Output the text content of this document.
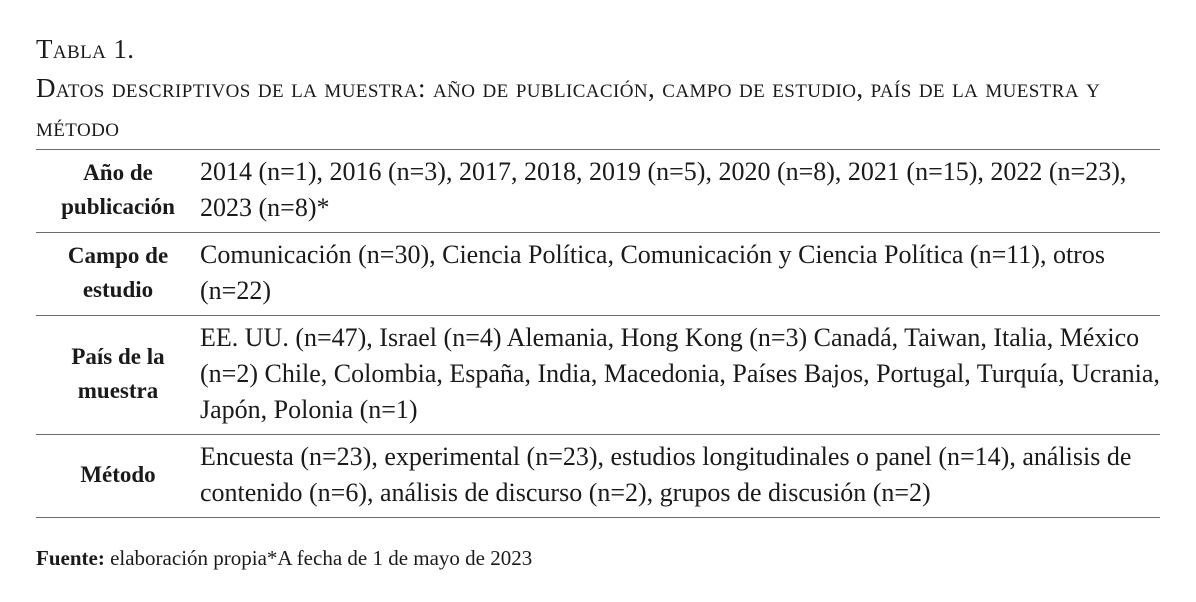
Tabla 1.
Datos descriptivos de la muestra: año de publicación, campo de estudio, país de la muestra y método
Año de publicación	2014 (n=1), 2016 (n=3), 2017, 2018, 2019 (n=5), 2020 (n=8), 2021 (n=15), 2022 (n=23), 2023 (n=8)*
Campo de estudio	Comunicación (n=30), Ciencia Política, Comunicación y Ciencia Política (n=11), otros (n=22)
País de la muestra	EE. UU. (n=47), Israel (n=4) Alemania, Hong Kong (n=3) Canadá, Taiwan, Italia, México (n=2) Chile, Colombia, España, India, Macedonia, Países Bajos, Portugal, Turquía, Ucrania, Japón, Polonia (n=1)
Método	Encuesta (n=23), experimental (n=23), estudios longitudinales o panel (n=14), análisis de contenido (n=6), análisis de discurso (n=2), grupos de discusión (n=2)
Fuente: elaboración propia*A fecha de 1 de mayo de 2023
